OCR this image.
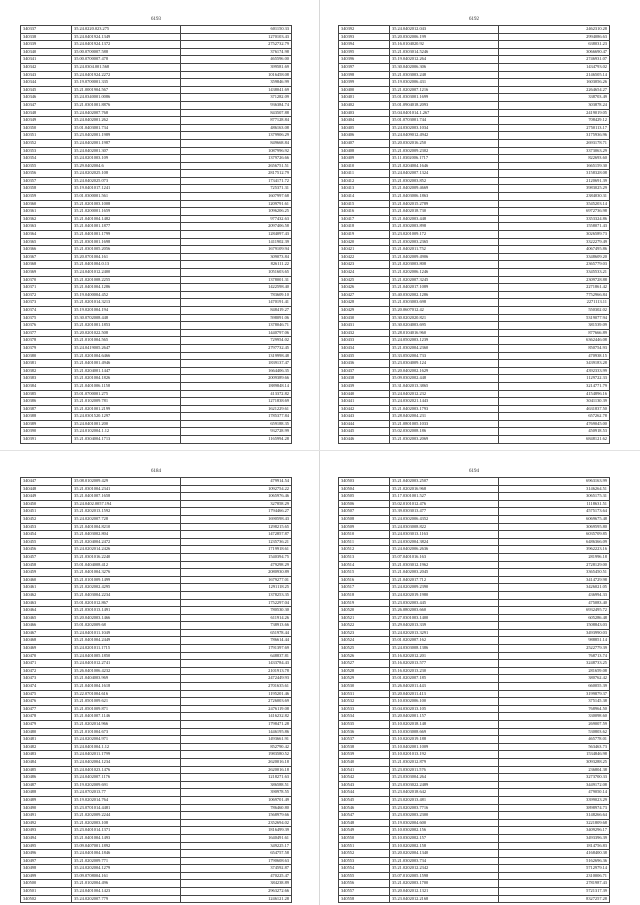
6193
340337	35.24.0220.023.275	601150.33
340338	35.24.0401924.1349	1270103.43
340339	35.24.0401924.1372	2752732.79
340340	35.00.0700007.588	376174.98
340341	35.00.0700007.478	465596.00
340342	35.24.0304.001.568	399581.69
340343	35.24.0401924.2272	1016458.08
340344	35.19.0700001.335	359846.99
340345	35.21.0001904.567	1438041.69
340346	35.24.0340001.0086	371282.09
340347	35.21.0301001.8876	936384.74
340348	35.24.0402007.768	843507.88
340349	35.24.0402001.262	877128.84
340350	35.01.0403001.734	486163.08
340351	35.23.0402001.1989	1379906.29
340352	35.24.0402001.1987	849668.84
340353	35.24.0402001.307	1087996.92
340354	35.24.0201003.109	1379726.66
340355	35.29.0402004.6	2656751.51
340356	35.24.0202025.108	2817512.79
340357	35.24.0402025.073	1734171.72
340358	35.19.0401017.1241	725371.31
340359	35.01.0300001.561	1607997.68
340360	35.21.0201003.1008	1209791.61
340361	35.21.0200001.1659	1096206.25
340362	35.21.0401004.1482	977432.63
340363	35.21.0401001.1877	2097406.58
340364	35.21.0401001.1799	1284097.43
340365	35.21.0301001.1698	1411902.39
340366	35.21.0301005.2056	1679109.94
340367	35.20.0701004.161	309073.84
340368	35.21.0401004.0.13	826111.22
340369	35.24.0401012.2400	1051603.65
340370	35.21.0201008.2255	1378001.31
340371	35.21.0401004.1286	1422598.40
340372	35.19.0400004.452	783609.10
340373	35.21.0201014.3213	1470191.41
340374	35.19.0201004.194	848419.27
340375	35.30.0702008.448	598091.06
340376	35.21.0201001.1853	1378046.71
340377	35.20.0201022.508	1440797.06
340378	35.21.0101004.565	729954.02
340379	35.24.0419005.2647	2797732.45
340380	35.21.0201004.6466	1319998.48
340381	35.21.0401001.4946	1839137.47
340382	35.21.0204001.1447	1664406.35
340383	35.21.0201004.1826	2009389.66
340384	35.21.0401006.1158	1889848.14
340385	35.01.0700001.275	413372.82
340386	35.21.0102009.781	1271838.69
340387	35.21.0201001.2199	1621229.61
340388	35.24.0301520.1297	1785377.84
340389	35.24.0401001.200	659188.35
340390	35.24.0102004.1.12	932728.99
340391	35.21.0304004.1713	1165994.28
6192
340392	35.24.0402012.043	2462310.28
340393	35.20.0302006.199	2994086.63
340394	35.16.0104020.92	638031.23
340395	35.21.0303014.5246	3066690.47
340396	35.19.0402012.264	2746931.07
340397	35.30.0402006.306	1434793.02
340398	35.21.0303003.248	2146505.14
340399	35.19.0302006.431	1603056.26
340400	35.21.0202007.1216	2264654.27
340401	35.01.0303001.1699	338703.49
340402	35.01.0904018.2093	303878.24
340403	35.04.0401014.1.267	2419019.05
340404	35.01.0703001.744	708429.12
340405	35.24.0302003.1034	2750113.17
340406	35.24.0409012.4942	3175936.96
340407	35.20.0302016.250	2693178.71
340408	35.21.0302009.2302	3373063.29
340409	35.11.0302006.1717	822693.60
340410	35.21.0204004.1646	1665159.30
340411	35.24.0402007.1324	3158328.08
340412	35.21.0302003.852	2120691.39
340413	35.21.0402009.4669	3983025.29
340414	35.21.0403006.1863	2384030.31
340415	35.21.0402015.2789	3545203.14
340416	35.21.0402018.730	6972736.98
340417	35.21.0402003.448	3353324.86
340418	35.21.0302003.898	1558071.43
340419	35.23.0201009.172	3026589.73
340420	35.21.0302003.2365	3322279.49
340421	35.21.0402011.752	4067495.86
340422	35.21.0402009.4906	3348609.20
340423	35.21.0203003.808	2365779.03
340424	35.21.0202006.1246	3345533.21
340425	35.21.0202007.3245	2309728.88
340426	35.21.0402017.1089	2271861.42
340427	35.40.0302002.1286	7752966.84
340428	35.21.0303003.698	2271113.11
340429	35.20.0607012.42	550302.02
340430	35.30.0202020.821	5319077.94
340431	35.30.0204003.695	381539.09
340432	35.28.0104016.960	877666.89
340433	35.24.0502003.1239	6362446.08
340434	35.21.0302004.2360	850754.93
340435	35.33.0502004.733	470938.15
340436	35.23.0304009.124	3439183.28
340437	35.20.0402002.1629	4392333.99
340438	35.09.0302002.448	1129722.33
340439	35.31.0402013.3865	3214771.79
340440	35.24.0402012.232	4154896.16
340441	35.24.0302021.1443	3041130.39
340442	35.21.0402003.1793	4631837.50
340443	35.28.0402004.231	657262.78
340444	35.21.0801005.1033	4769045.00
340445	35.02.0302008.186	450918.53
340446	35.21.0302003.2069	6848121.62
6184
340447	35.08.0102009.429	479914.54
340448	35.21.0301004.2341	1092754.22
340449	35.21.0401007.1658	1065976.46
340450	35.24.0402.0057.194	327858.29
340451	35.21.0202013.1592	1794466.27
340452	35.24.0202007.728	1690598.43
340453	35.21.0401004.8210	1298215.65
340454	35.21.0403002.804	1472857.87
340455	35.21.0204004.2472	1235736.21
340456	35.24.0202014.2426	1719918.61
340457	35.21.0301016.2240	1540394.75
340458	35.01.0404008.412	479298.29
340459	35.21.0401004.3276	2080930.89
340460	35.21.0101009.1499	1679277.01
340461	35.21.0202002.4295	1291118.25
340462	35.21.0403004.2234	1378253.35
340463	35.01.0201012.867	1752297.04
340464	35.21.0301013.1491	780530.30
340465	35.20.0402003.1466	611914.26
340466	35.01.0202009.68	738913.66
340467	35.24.0401011.1049	651978.44
340468	35.21.0401004.2449	786614.44
340469	35.24.0201011.1715	1791397.69
340470	35.24.0401005.1850	648837.81
340471	35.24.0401012.2741	1433784.43
340472	35.26.0401006.4232	2101913.78
340473	35.21.0404003.969	2472449.93
340474	35.21.0401004.1618	2701635.61
340475	35.22.0701004.616	1195201.46
340476	35.21.0501009.621	2726003.69
340477	35.21.0501009.871	2476119.08
340478	35.21.0401007.1146	1416232.82
340479	35.21.0202014.966	1798471.28
340480	35.21.0101004.673	1446195.86
340481	35.24.0202004.971	1493661.91
340482	35.24.0401004.1.12	852790.42
340483	35.24.0402011.1799	1983580.52
340484	35.24.0402004.1234	2620016.18
340485	35.24.0401023.1476	2620016.18
340486	35.24.0402007.1176	1218271.63
340487	35.19.0202009.691	386588.51
340488	35.24.0702013.77	390978.55
340489	35.19.0202014.764	1069701.49
340490	35.23.0701014.4481	786460.80
340491	35.21.0202009.2244	1568979.66
340492	35.21.0202003.108	2352694.02
340493	35.23.0401014.1371	1816499.39
340494	35.21.0401004.1493	1640491.61
340495	35.09.0407001.1892	349225.17
340496	35.24.0401004.1846	654757.58
340497	35.21.0202009.771	1790608.63
340498	35.24.0202004.1279	374592.87
340499	35.09.0708004.161	470225.47
340500	35.21.0102004.496	384238.89
340501	35.24.0401004.1423	2963272.66
340502	35.24.0202007.779	1246121.28
6194
340503	35.21.0402003.2507	6963163.99
340504	35.21.0202016.968	3146264.51
340505	35.17.0301001.527	3065175.31
340506	35.02.0101012.476	1118631.51
340507	35.39.0303013.477	4575173.64
340508	35.24.0302006.4352	6069675.48
340509	35.24.0303008.822	3069595.80
340510	35.24.0303013.1163	6035709.85
340511	35.24.0302004.3824	6486366.09
340512	35.24.0402006.2636	3962223.16
340513	35.07.0401016.163	281996.18
340514	35.21.0303012.1962	2728129.00
340515	35.21.0402003.2045	3365450.51
340516	35.21.0402017.712	3414729.98
340517	35.24.0202009.2390	3426021.05
340518	35.24.0202019.1980	436994.33
340519	35.23.0302003.445	475083.40
340520	35.26.0802003.660	6932495.72
340521	35.27.0301003.1400	605286.48
340522	35.29.0402013.339	1508843.03
340523	35.24.0202013.3291	3493990.03
340524	35.01.0202007.162	988851.14
340525	35.24.0303008.1386	2522779.39
340526	35.16.0202012.201	768713.74
340527	35.16.0202013.577	3248733.25
340528	35.16.0202013.230	281659.08
340529	35.01.0202007.185	380762.42
340530	35.26.0402011.443	660055.39
340531	35.20.0402011.413	3199879.37
340532	35.10.0302006.100	375145.38
340533	35.04.0302013.105	768964.50
340534	35.20.0402001.157	330098.60
340535	35.10.0202018.148	269007.59
340536	35.10.0303008.669	530803.62
340537	35.10.0202019.188	465778.01
340538	35.10.0402001.1009	563463.73
340539	35.10.0201013.192	1534846.98
340540	35.21.0302012.879	3093288.25
340541	35.23.0302011.576	236804.38
340542	35.23.0303004.264	3273700.33
340543	35.23.0303022.2489	3449172.08
340544	35.23.0402018.642	479050.14
340545	35.23.0202013.481	3399023.29
340546	35.23.0202003.7716	3898974.73
340547	35.23.0302003.2300	3148266.64
340548	35.19.0302004.600	3221809.68
340549	35.10.0302002.156	3409296.17
340550	35.10.0302002.157	3493396.39
340551	35.10.0202002.158	1814756.83
340552	35.20.0202004.1340	4168400.38
340553	35.21.0302003.734	5162696.36
340554	35.21.0202012.2342	5712979.14
340555	35.07.0102005.1598	2310006.71
340556	35.21.0202003.1700	2781987.43
340557	35.20.0402012.1321	5721317.39
340558	35.23.0402012.2168	8327257.28
